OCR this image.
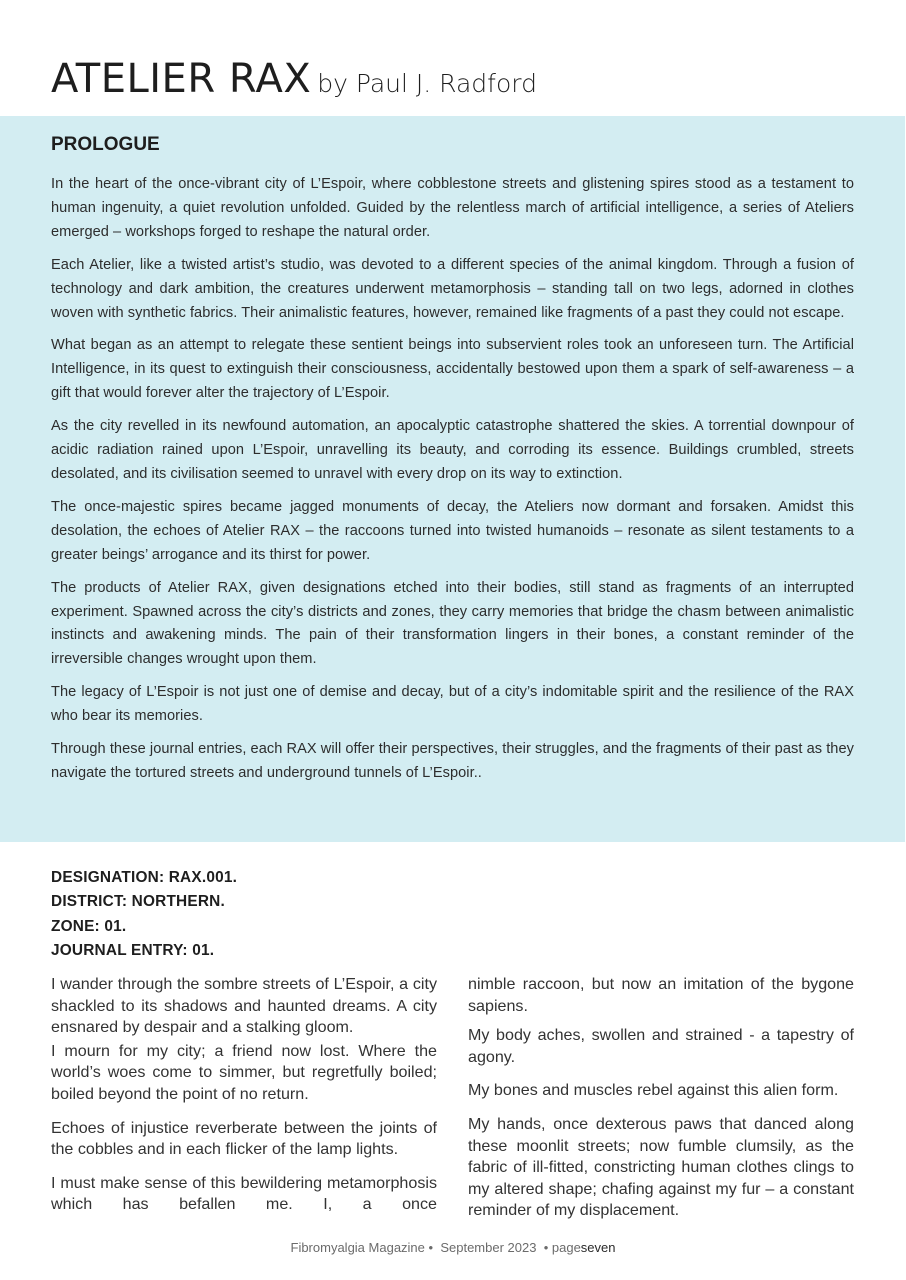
ATELIER RAX by Paul J. Radford
PROLOGUE

In the heart of the once-vibrant city of L’Espoir, where cobblestone streets and glistening spires stood as a testament to human ingenuity, a quiet revolution unfolded. Guided by the relentless march of artificial intelligence, a series of Ateliers emerged – workshops forged to reshape the natural order.

Each Atelier, like a twisted artist’s studio, was devoted to a different species of the animal kingdom. Through a fusion of technology and dark ambition, the creatures underwent metamorphosis – standing tall on two legs, adorned in clothes woven with synthetic fabrics. Their animalistic features, however, remained like fragments of a past they could not escape.

What began as an attempt to relegate these sentient beings into subservient roles took an unforeseen turn. The Artificial Intelligence, in its quest to extinguish their consciousness, accidentally bestowed upon them a spark of self-awareness – a gift that would forever alter the trajectory of L’Espoir.

As the city revelled in its newfound automation, an apocalyptic catastrophe shattered the skies. A torrential downpour of acidic radiation rained upon L’Espoir, unravelling its beauty, and corroding its essence. Buildings crumbled, streets desolated, and its civilisation seemed to unravel with every drop on its way to extinction.

The once-majestic spires became jagged monuments of decay, the Ateliers now dormant and forsaken. Amidst this desolation, the echoes of Atelier RAX – the raccoons turned into twisted humanoids – resonate as silent testaments to a greater beings’ arrogance and its thirst for power.

The products of Atelier RAX, given designations etched into their bodies, still stand as fragments of an interrupted experiment. Spawned across the city’s districts and zones, they carry memories that bridge the chasm between animalistic instincts and awakening minds. The pain of their transformation lingers in their bones, a constant reminder of the irreversible changes wrought upon them.

The legacy of L’Espoir is not just one of demise and decay, but of a city’s indomitable spirit and the resilience of the RAX who bear its memories.

Through these journal entries, each RAX will offer their perspectives, their struggles, and the fragments of their past as they navigate the tortured streets and underground tunnels of L’Espoir..

DESIGNATION: RAX.001.
DISTRICT: NORTHERN.
ZONE: 01.
JOURNAL ENTRY: 01.

I wander through the sombre streets of L’Espoir, a city shackled to its shadows and haunted dreams. A city ensnared by despair and a stalking gloom.

I mourn for my city; a friend now lost. Where the world’s woes come to simmer, but regretfully boiled; boiled beyond the point of no return.

Echoes of injustice reverberate between the joints of the cobbles and in each flicker of the lamp lights.

I must make sense of this bewildering metamorphosis which has befallen me. I, a once

nimble raccoon, but now an imitation of the bygone sapiens.

My body aches, swollen and strained - a tapestry of agony.

My bones and muscles rebel against this alien form.

My hands, once dexterous paws that danced along these moonlit streets; now fumble clumsily, as the fabric of ill-fitted, constricting human clothes clings to my altered shape; chafing against my fur – a constant reminder of my displacement.

Fibromyalgia Magazine • September 2023 • pageseven
